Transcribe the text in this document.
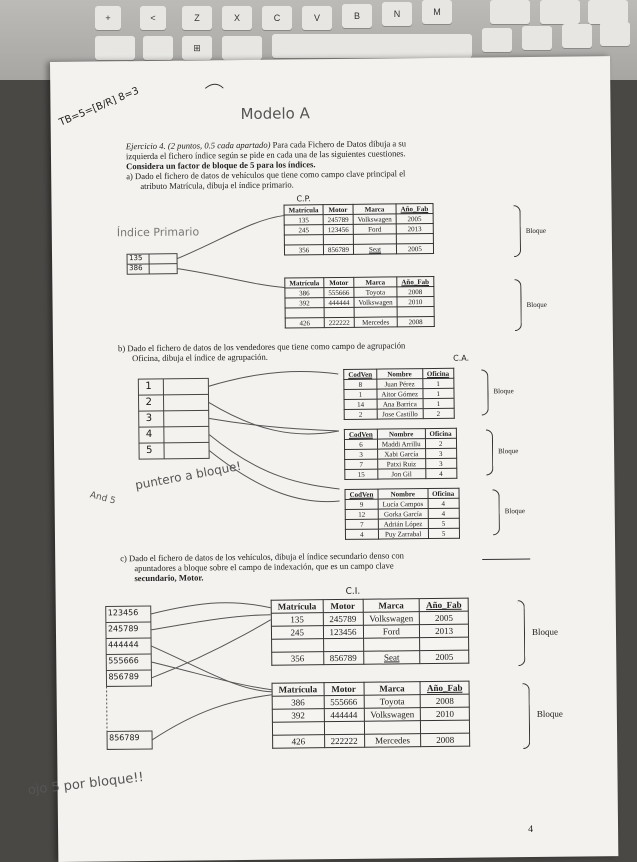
+	<	Z	X	C	V	B	N	M
⊞
TB=5=[B/R] 8=3	Modelo A
Ejercicio 4. (2 puntos, 0.5 cada apartado) Para cada Fichero de Datos dibuja a su
izquierda el fichero índice según se pide en cada una de las siguientes cuestiones.
Considera un factor de bloque de 5 para los índices.
a) Dado el fichero de datos de vehículos que tiene como campo clave principal el
atributo Matrícula, dibuja el índice primario.
C.P.
Índice Primario
135
386
Matrícula	Motor	Marca	Año_Fab
135	245789	Volkswagen	2005
245	123456	Ford	2013

356	856789	Seat	2005
Bloque
Matrícula	Motor	Marca	Año_Fab
386	555666	Toyota	2008
392	444444	Volkswagen	2010

426	222222	Mercedes	2008
Bloque
b) Dado el fichero de datos de los vendedores que tiene como campo de agrupación
Oficina, dibuja el índice de agrupación.	C.A.
1
2
3
4
5
CodVen	Nombre	Oficina
8	Juan Pérez	1
1	Aitor Gómez	1
14	Ana Barrica	1
2	Jose Castillo	2
Bloque
CodVen	Nombre	Oficina
6	Maddi Arrillu	2
3	Xabi García	3
7	Patxi Ruiz	3
15	Jon Gil	4
Bloque
CodVen	Nombre	Oficina
9	Lucía Campos	4
12	Gorka García	4
7	Adrián López	5
4	Puy Zarrabal	5
Bloque
puntero a bloque!
And 5
c) Dado el fichero de datos de los vehículos, dibuja el índice secundario denso con
apuntadores a bloque sobre el campo de indexación, que es un campo clave
secundario, Motor.
C.I.
123456
245789
444444
555666
856789
Matrícula	Motor	Marca	Año_Fab
135	245789	Volkswagen	2005
245	123456	Ford	2013

356	856789	Seat	2005
Bloque
Matrícula	Motor	Marca	Año_Fab
386	555666	Toyota	2008
392	444444	Volkswagen	2010

426	222222	Mercedes	2008
Bloque
856789
ojo 5 por bloque!!
4
